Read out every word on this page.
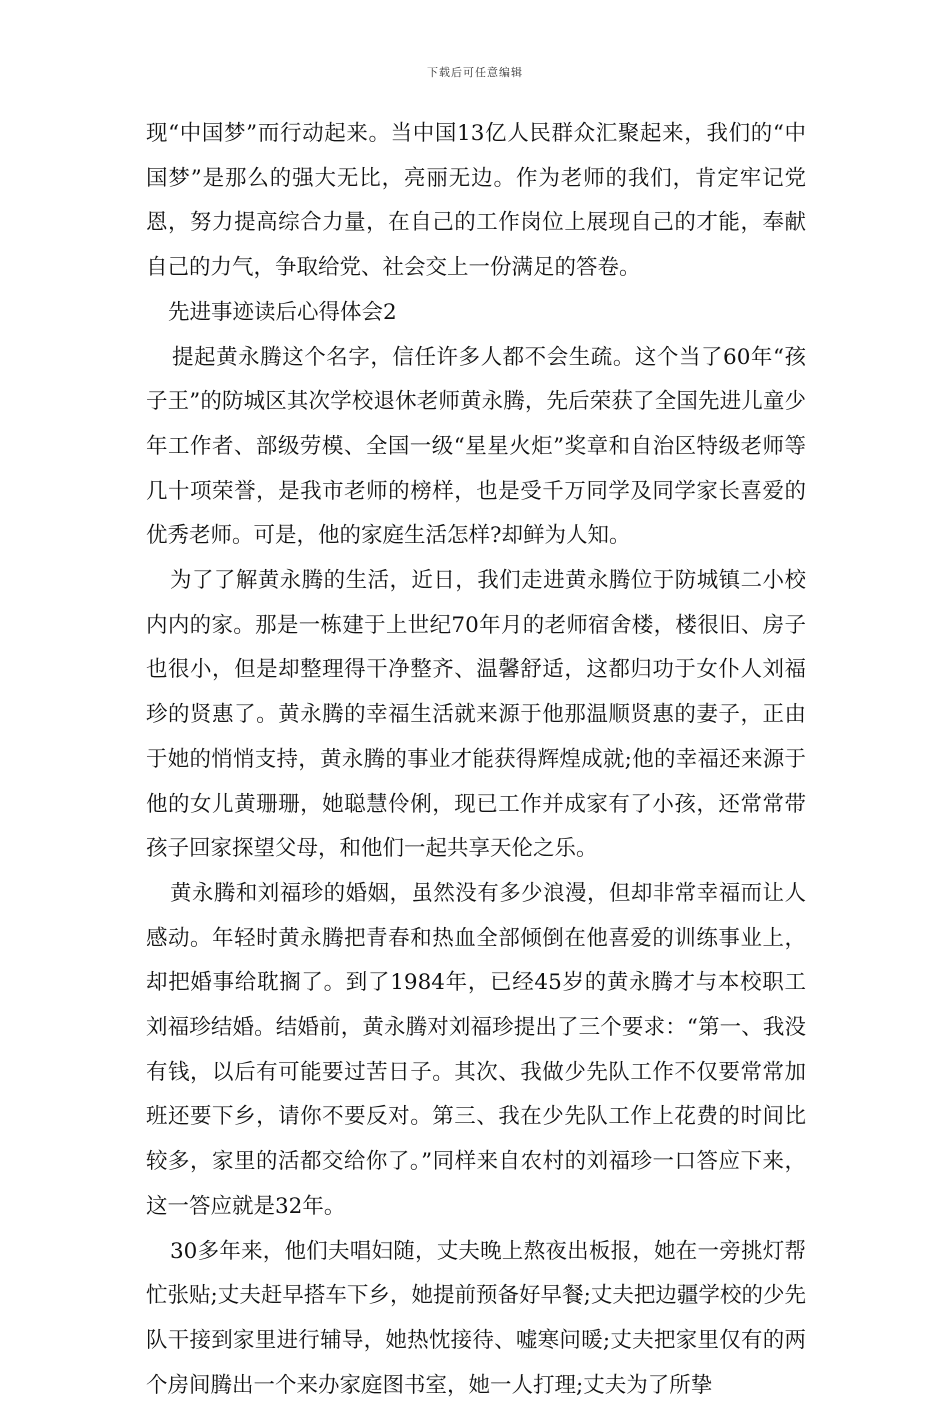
下载后可任意编辑

现“中国梦”而行动起来。当中国13亿人民群众汇聚起来，我们的“中国梦”是那么的强大无比，亮丽无边。作为老师的我们，肯定牢记党恩，努力提高综合力量，在自己的工作岗位上展现自己的才能，奉献自己的力气，争取给党、社会交上一份满足的答卷。

先进事迹读后心得体会2

提起黄永腾这个名字，信任许多人都不会生疏。这个当了60年“孩子王”的防城区其次学校退休老师黄永腾，先后荣获了全国先进儿童少年工作者、部级劳模、全国一级“星星火炬”奖章和自治区特级老师等几十项荣誉，是我市老师的榜样，也是受千万同学及同学家长喜爱的优秀老师。可是，他的家庭生活怎样?却鲜为人知。

为了了解黄永腾的生活，近日，我们走进黄永腾位于防城镇二小校内内的家。那是一栋建于上世纪70年月的老师宿舍楼，楼很旧、房子也很小，但是却整理得干净整齐、温馨舒适，这都归功于女仆人刘福珍的贤惠了。黄永腾的幸福生活就来源于他那温顺贤惠的妻子，正由于她的悄悄支持，黄永腾的事业才能获得辉煌成就;他的幸福还来源于他的女儿黄珊珊，她聪慧伶俐，现已工作并成家有了小孩，还常常带孩子回家探望父母，和他们一起共享天伦之乐。

黄永腾和刘福珍的婚姻，虽然没有多少浪漫，但却非常幸福而让人感动。年轻时黄永腾把青春和热血全部倾倒在他喜爱的训练事业上，却把婚事给耽搁了。到了1984年，已经45岁的黄永腾才与本校职工刘福珍结婚。结婚前，黄永腾对刘福珍提出了三个要求：“第一、我没有钱，以后有可能要过苦日子。其次、我做少先队工作不仅要常常加班还要下乡，请你不要反对。第三、我在少先队工作上花费的时间比较多，家里的活都交给你了。”同样来自农村的刘福珍一口答应下来，这一答应就是32年。

30多年来，他们夫唱妇随，丈夫晚上熬夜出板报，她在一旁挑灯帮忙张贴;丈夫赶早搭车下乡，她提前预备好早餐;丈夫把边疆学校的少先队干接到家里进行辅导，她热忱接待、嘘寒问暖;丈夫把家里仅有的两个房间腾出一个来办家庭图书室，她一人打理;丈夫为了所挚
